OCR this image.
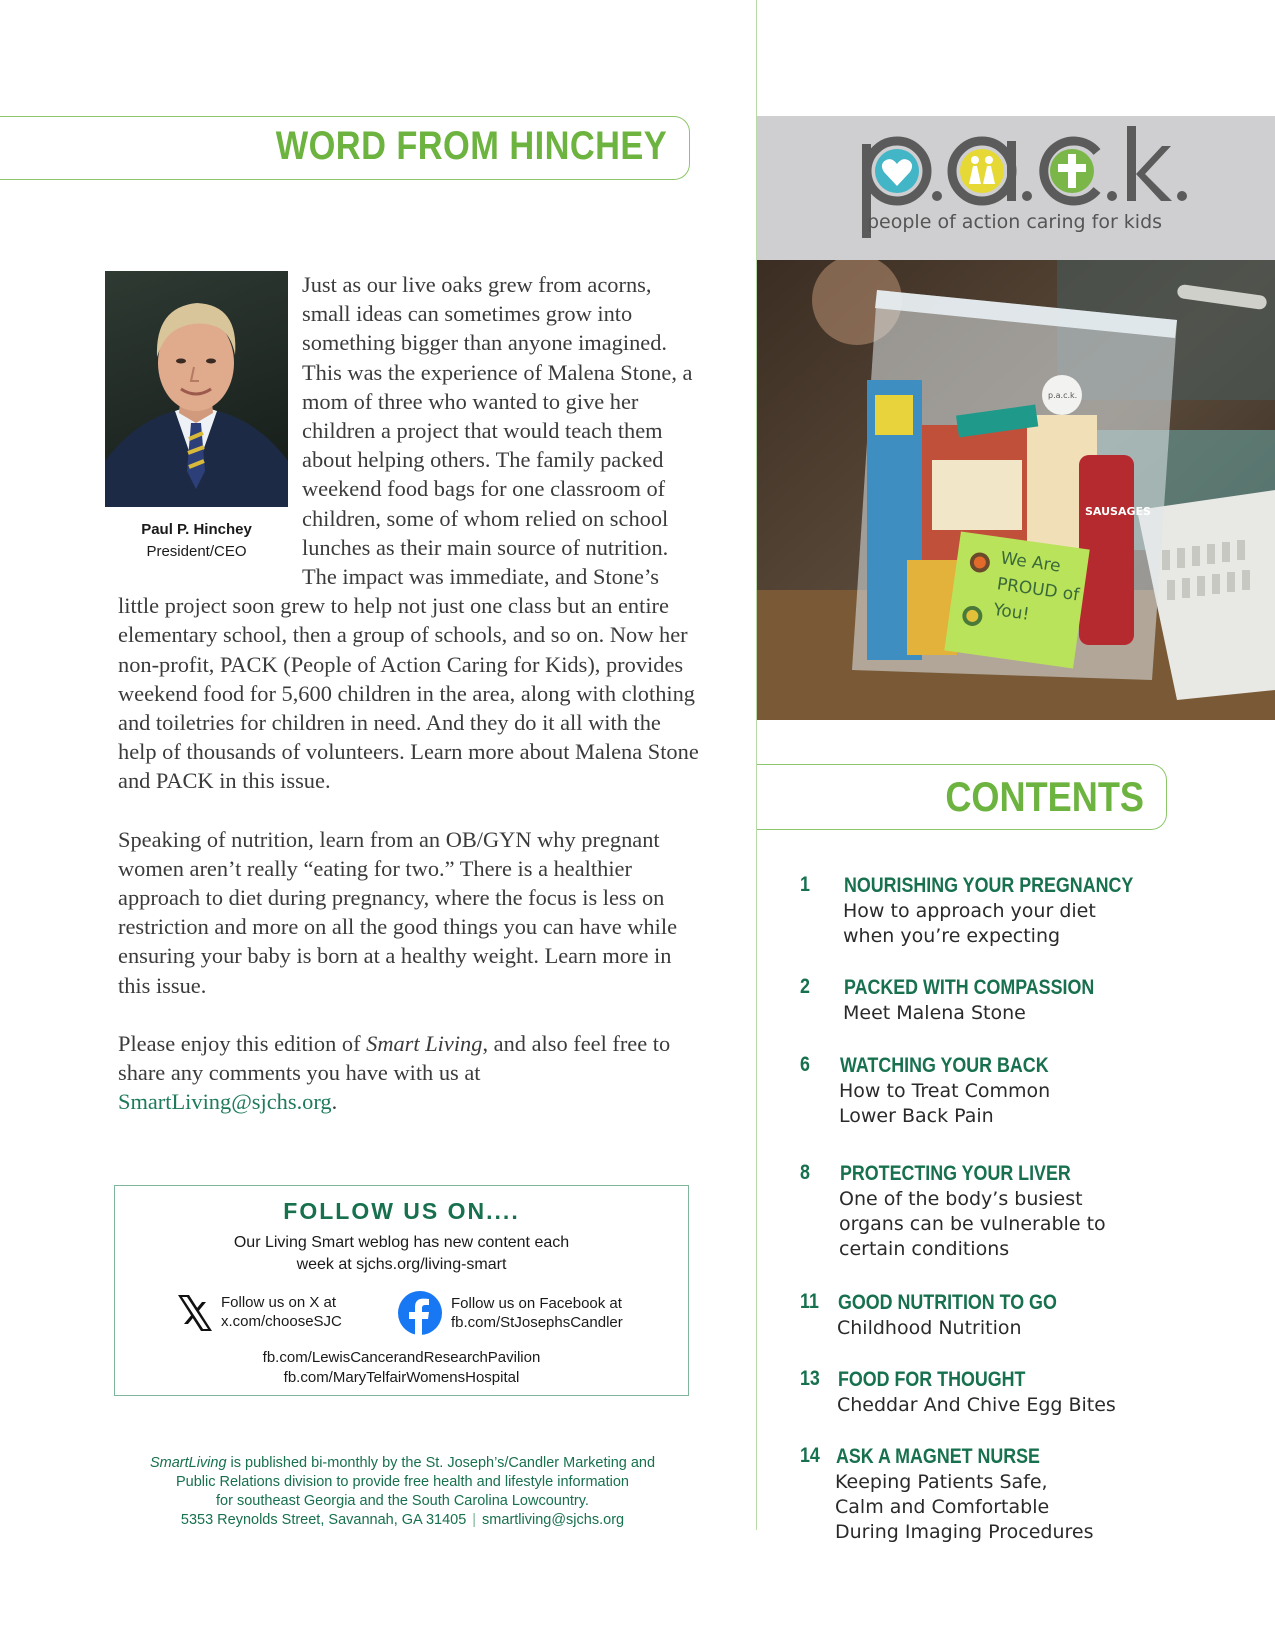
WORD FROM HINCHEY
Paul P. Hinchey
President/CEO

Just as our live oaks grew from acorns, small ideas can sometimes grow into something bigger than anyone imagined. This was the experience of Malena Stone, a mom of three who wanted to give her children a project that would teach them about helping others. The family packed weekend food bags for one classroom of children, some of whom relied on school lunches as their main source of nutrition. The impact was immediate, and Stone’s little project soon grew to help not just one class but an entire elementary school, then a group of schools, and so on. Now her non-profit, PACK (People of Action Caring for Kids), provides weekend food for 5,600 children in the area, along with clothing and toiletries for children in need. And they do it all with the help of thousands of volunteers. Learn more about Malena Stone and PACK in this issue.

Speaking of nutrition, learn from an OB/GYN why pregnant women aren’t really “eating for two.” There is a healthier approach to diet during pregnancy, where the focus is less on restriction and more on all the good things you can have while ensuring your baby is born at a healthy weight. Learn more in this issue.

Please enjoy this edition of Smart Living, and also feel free to share any comments you have with us at SmartLiving@sjchs.org.

FOLLOW US ON....
Our Living Smart weblog has new content each
week at sjchs.org/living-smart
Follow us on X at
x.com/chooseSJC
Follow us on Facebook at
fb.com/StJosephsCandler
fb.com/LewisCancerandResearchPavilion
fb.com/MaryTelfairWomensHospital
SmartLiving is published bi-monthly by the St. Joseph’s/Candler Marketing and
Public Relations division to provide free health and lifestyle information
for southeast Georgia and the South Carolina Lowcountry.
5353 Reynolds Street, Savannah, GA 31405 | smartliving@sjchs.org
people of action caring for kids
SAUSAGES
p.a.c.k.
We Are PROUD of You!
CONTENTS
1 NOURISHING YOUR PREGNANCY
How to approach your diet
when you’re expecting
2 PACKED WITH COMPASSION
Meet Malena Stone
6 WATCHING YOUR BACK
How to Treat Common
Lower Back Pain
8 PROTECTING YOUR LIVER
One of the body’s busiest
organs can be vulnerable to
certain conditions
11 GOOD NUTRITION TO GO
Childhood Nutrition
13 FOOD FOR THOUGHT
Cheddar And Chive Egg Bites
14 ASK A MAGNET NURSE
Keeping Patients Safe,
Calm and Comfortable
During Imaging Procedures
